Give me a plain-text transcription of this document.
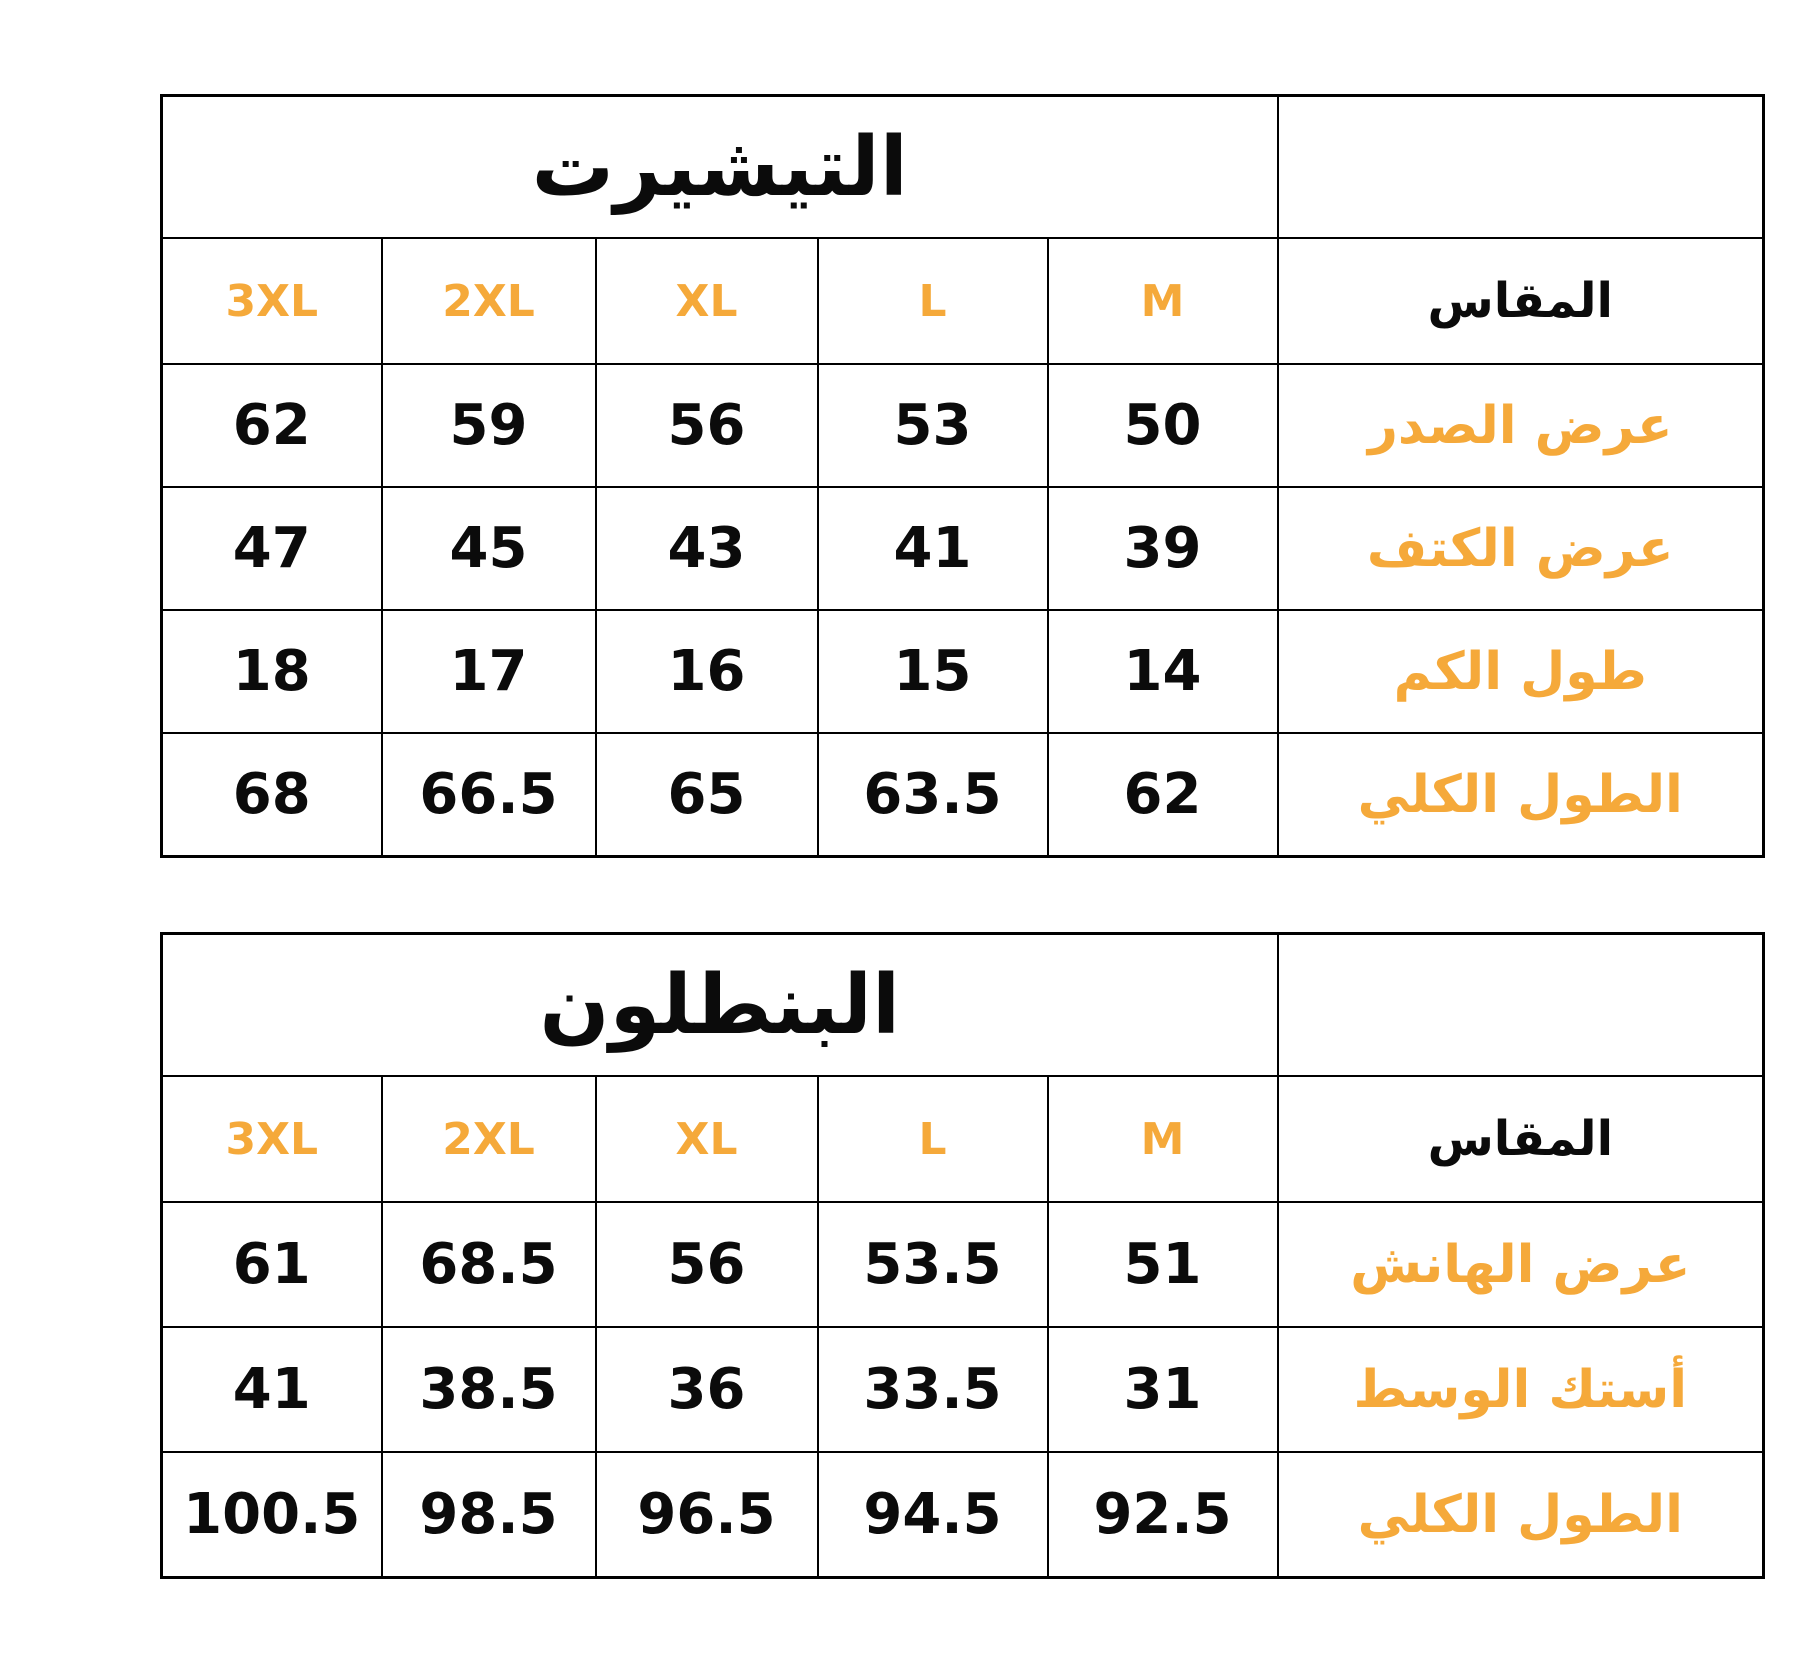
التيشيرت					
3XL	2XL	XL	L	M	المقاس
62	59	56	53	50	عرض الصدر
47	45	43	41	39	عرض الكتف
18	17	16	15	14	طول الكم
68	66.5	65	63.5	62	الطول الكلي
البنطلون					
3XL	2XL	XL	L	M	المقاس
61	68.5	56	53.5	51	عرض الهانش
41	38.5	36	33.5	31	أستك الوسط
100.5	98.5	96.5	94.5	92.5	الطول الكلي
